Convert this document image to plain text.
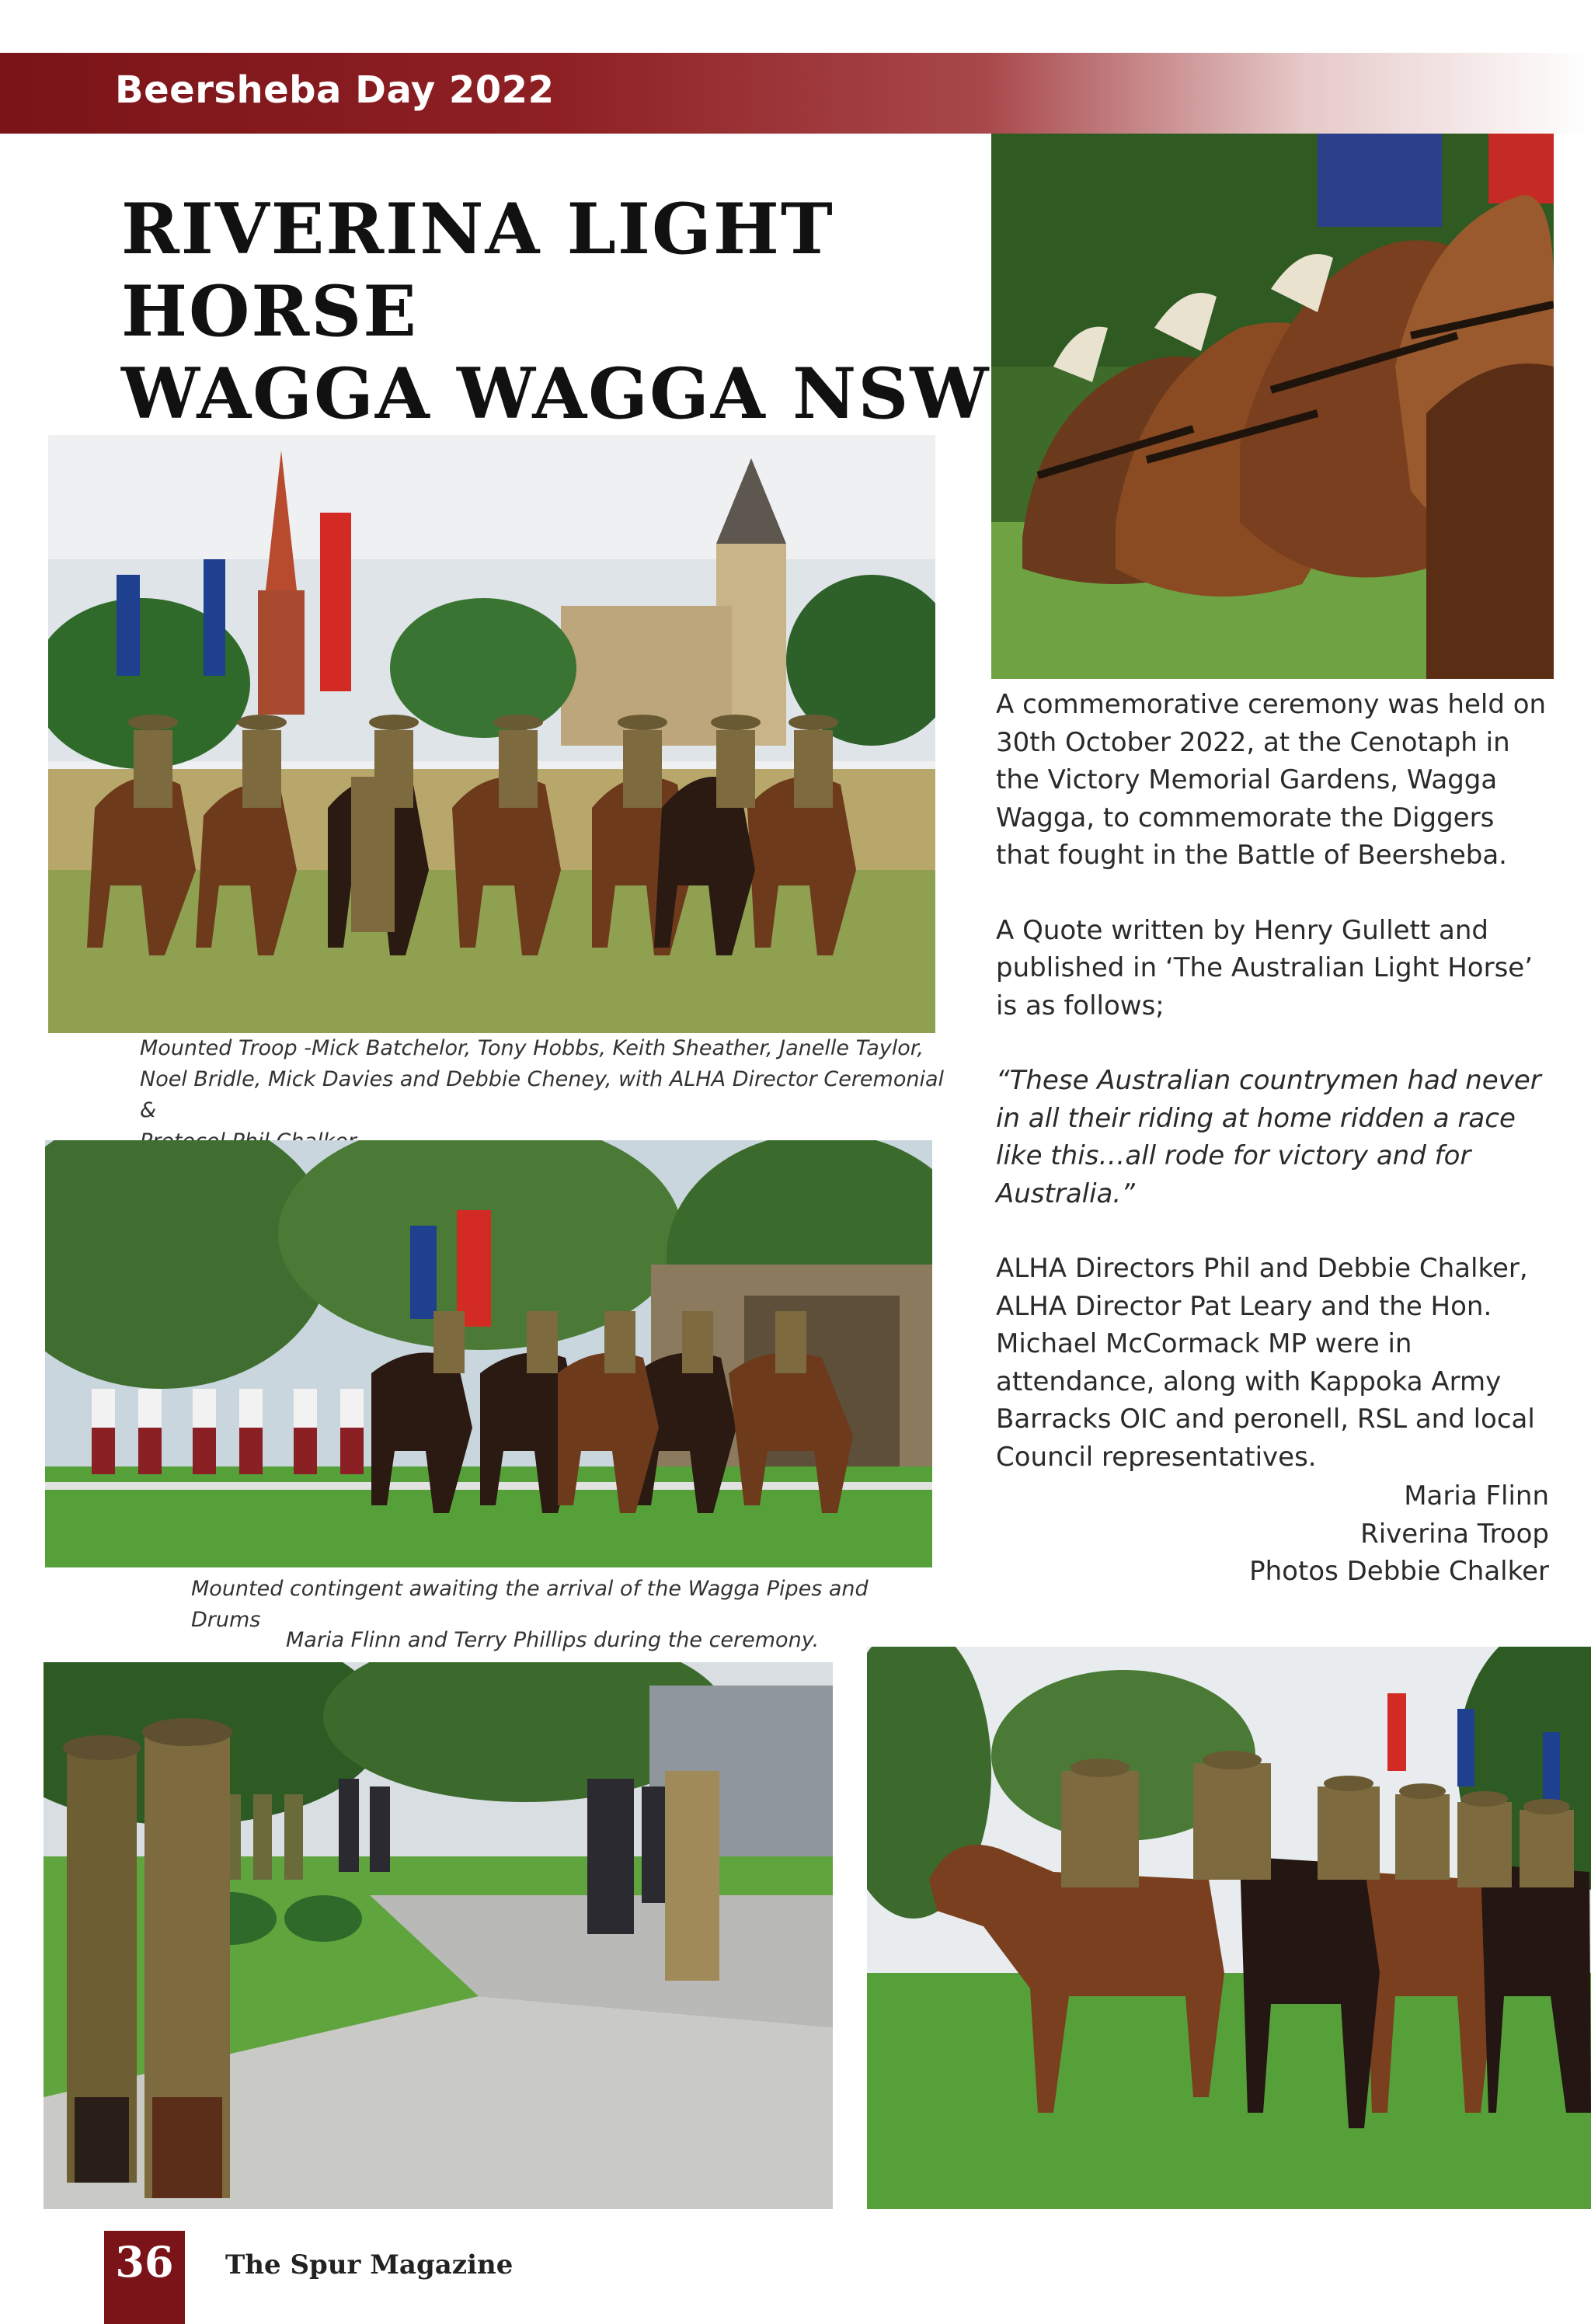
Beersheba Day 2022
RIVERINA LIGHT HORSE
WAGGA WAGGA NSW
Mounted Troop -Mick Batchelor, Tony Hobbs, Keith Sheather, Janelle Taylor,
Noel Bridle, Mick Davies and Debbie Cheney, with ALHA Director Ceremonial &
Mounted contingent awaiting the arrival of the Wagga Pipes and Drums
Maria Flinn and Terry Phillips during the ceremony.

A commemorative ceremony was held on 30th October 2022, at the Cenotaph in the Victory Memorial Gardens, Wagga Wagga, to commemorate the Diggers that fought in the Battle of Beersheba.

A Quote written by Henry Gullett and published in ‘The Australian Light Horse’ is as follows;

“These Australian countrymen had never in all their riding at home ridden a race like this…all rode for victory and for Australia.”

ALHA Directors Phil and Debbie Chalker, ALHA Director Pat Leary and the Hon. Michael McCormack MP were in attendance, along with Kappoka Army Barracks OIC and peronell, RSL and local Council representatives.

Maria Flinn
Riverina Troop
Photos Debbie Chalker
36	The Spur Magazine
